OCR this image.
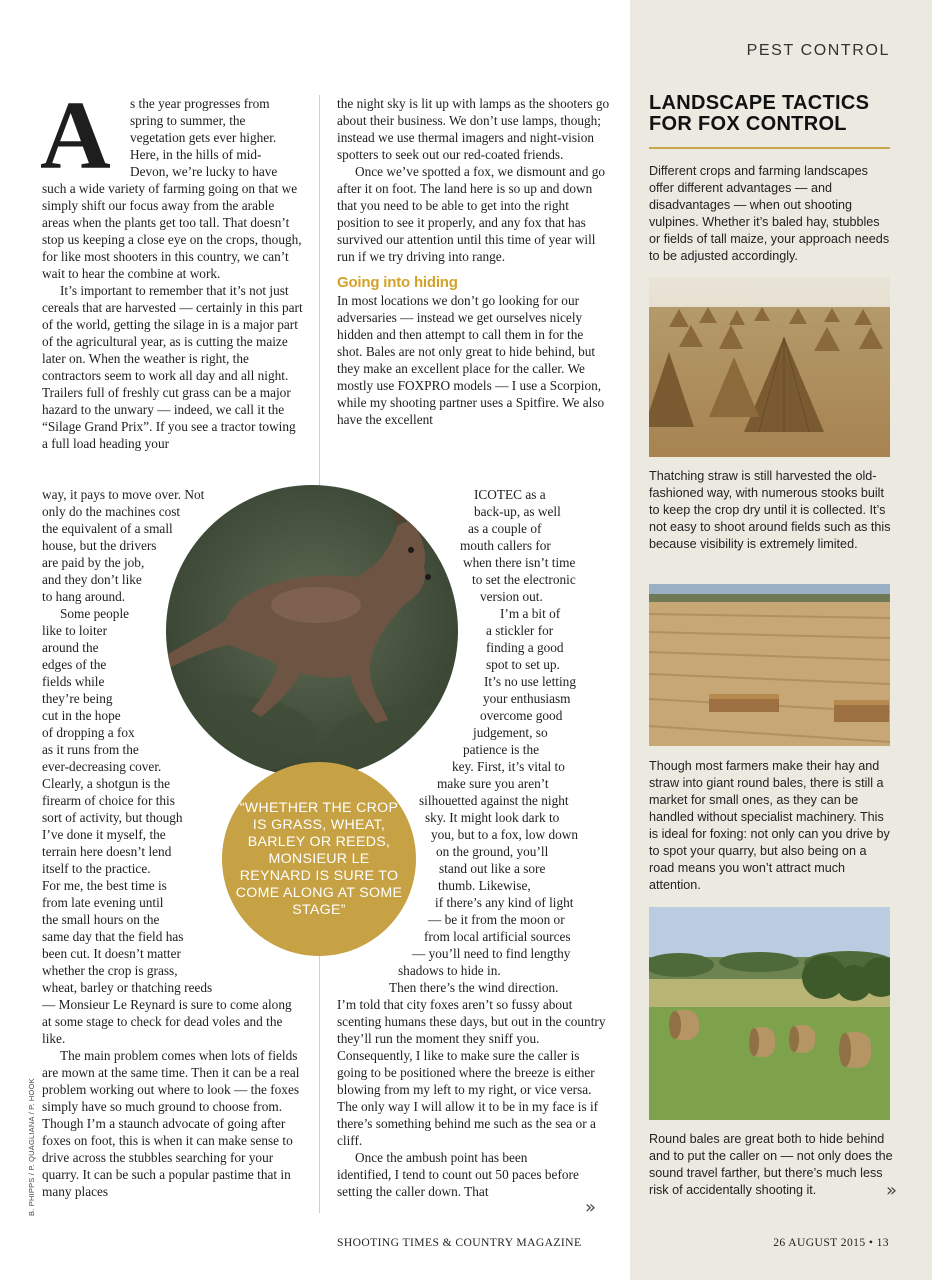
PEST CONTROL
LANDSCAPE TACTICS FOR FOX CONTROL
Different crops and farming landscapes offer different advantages — and disadvantages — when out shooting vulpines. Whether it’s baled hay, stubbles or fields of tall maize, your approach needs to be adjusted accordingly.
Thatching straw is still harvested the old-fashioned way, with numerous stooks built to keep the crop dry until it is collected. It’s not easy to shoot around fields such as this because visibility is extremely limited.
Though most farmers make their hay and straw into giant round bales, there is still a market for small ones, as they can be handled without specialist machinery. This is ideal for foxing: not only can you drive by to spot your quarry, but also being on a road means you won’t attract much attention.
Round bales are great both to hide behind and to put the caller on — not only does the sound travel farther, but there’s much less risk of accidentally shooting it.	»
A s the year progresses from
spring to summer, the
vegetation gets ever higher.
Here, in the hills of mid-
Devon, we’re lucky to have

such a wide variety of farming going on that we simply shift our focus away from the arable areas when the plants get too tall. That doesn’t stop us keeping a close eye on the crops, though, for like most shooters in this country, we can’t wait to hear the combine at work.

It’s important to remember that it’s not just cereals that are harvested — certainly in this part of the world, getting the silage in is a major part of the agricultural year, as is cutting the maize later on. When the weather is right, the contractors seem to work all day and all night. Trailers full of freshly cut grass can be a major hazard to the unwary — indeed, we call it the “Silage Grand Prix”. If you see a tractor towing a full load heading your

way, it pays to move over. Not
only do the machines cost
the equivalent of a small
house, but the drivers
are paid by the job,
and they don’t like
to hang around.
Some people
like to loiter
around the
edges of the
fields while
they’re being
cut in the hope
of dropping a fox
as it runs from the
ever-decreasing cover.
Clearly, a shotgun is the
firearm of choice for this
sort of activity, but though
I’ve done it myself, the
terrain here doesn’t lend
itself to the practice.
For me, the best time is
from late evening until
the small hours on the
same day that the field has
been cut. It doesn’t matter
whether the crop is grass,
wheat, barley or thatching reeds

— Monsieur Le Reynard is sure to come along at some stage to check for dead voles and the like.

The main problem comes when lots of fields are mown at the same time. Then it can be a real problem working out where to look — the foxes simply have so much ground to choose from. Though I’m a staunch advocate of going after foxes on foot, this is when it can make sense to drive across the stubbles searching for your quarry. It can be such a popular pastime that in many places

the night sky is lit up with lamps as the shooters go about their business. We don’t use lamps, though; instead we use thermal imagers and night-vision spotters to seek out our red-coated friends.

Once we’ve spotted a fox, we dismount and go after it on foot. The land here is so up and down that you need to be able to get into the right position to see it properly, and any fox that has survived our attention until this time of year will run if we try driving into range.

Going into hiding

In most locations we don’t go looking for our adversaries — instead we get ourselves nicely hidden and then attempt to call them in for the shot. Bales are not only great to hide behind, but they make an excellent place for the caller. We mostly use FOXPRO models — I use a Scorpion, while my shooting partner uses a Spitfire. We also have the excellent

ICOTEC as a
back-up, as well
as a couple of
mouth callers for
when there isn’t time
to set the electronic
version out.
I’m a bit of
a stickler for
finding a good
spot to set up.
It’s no use letting
your enthusiasm
overcome good
judgement, so
patience is the
key. First, it’s vital to
make sure you aren’t
silhouetted against the night
sky. It might look dark to
you, but to a fox, low down
on the ground, you’ll
stand out like a sore
thumb. Likewise,
if there’s any kind of light
— be it from the moon or
from local artificial sources
— you’ll need to find lengthy
shadows to hide in.
Then there’s the wind direction.

I’m told that city foxes aren’t so fussy about scenting humans these days, but out in the country they’ll run the moment they sniff you. Consequently, I like to make sure the caller is going to be positioned where the breeze is either blowing from my left to my right, or vice versa. The only way I will allow it to be in my face is if there’s something behind me such as the sea or a cliff.

Once the ambush point has been identified, I tend to count out 50 paces before setting the caller down. That

»
“WHETHER THE CROP IS GRASS, WHEAT, BARLEY OR REEDS, MONSIEUR LE REYNARD IS SURE TO COME ALONG AT SOME STAGE”
B. PHIPPS / P. QUAGLIANA / P. HOOK
SHOOTING TIMES & COUNTRY MAGAZINE	26 AUGUST 2015 • 13
